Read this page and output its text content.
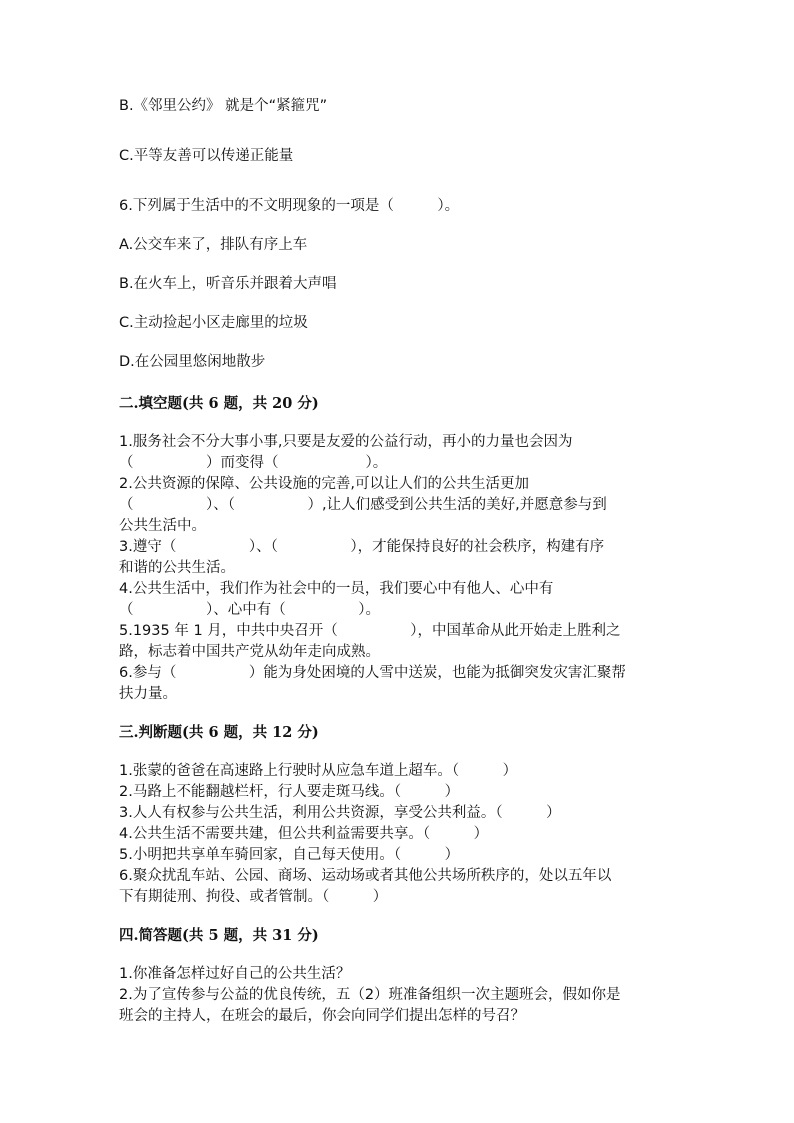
B.《邻里公约》 就是个“紧箍咒”
C.平等友善可以传递正能量
6.下列属于生活中的不文明现象的一项是（　　　）。
A.公交车来了，排队有序上车
B.在火车上，听音乐并跟着大声唱
C.主动捡起小区走廊里的垃圾
D.在公园里悠闲地散步
二.填空题(共 6 题，共 20 分)
1.服务社会不分大事小事,只要是友爱的公益行动，再小的力量也会因为
（　　　　　）而变得（　　　　　　）。
2.公共资源的保障、公共设施的完善,可以让人们的公共生活更加
（　　　　　）、（　　　　　）,让人们感受到公共生活的美好,并愿意参与到
公共生活中。
3.遵守（　　　　　）、（　　　　　），才能保持良好的社会秩序，构建有序
和谐的公共生活。
4.公共生活中，我们作为社会中的一员，我们要心中有他人、心中有
（　　　　　）、心中有（　　　　　）。
5.1935 年 1 月，中共中央召开（　　　　　），中国革命从此开始走上胜利之
路，标志着中国共产党从幼年走向成熟。
6.参与（　　　　　）能为身处困境的人雪中送炭，也能为抵御突发灾害汇聚帮
扶力量。
三.判断题(共 6 题，共 12 分)
1.张蒙的爸爸在高速路上行驶时从应急车道上超车。（　　　）
2.马路上不能翻越栏杆，行人要走斑马线。（　　　）
3.人人有权参与公共生活，利用公共资源，享受公共利益。（　　　）
4.公共生活不需要共建，但公共利益需要共享。（　　　）
5.小明把共享单车骑回家，自己每天使用。（　　　）
6.聚众扰乱车站、公园、商场、运动场或者其他公共场所秩序的，处以五年以
下有期徒刑、拘役、或者管制。（　　　）
四.简答题(共 5 题，共 31 分)
1.你准备怎样过好自己的公共生活？
2.为了宣传参与公益的优良传统，五（2）班准备组织一次主题班会，假如你是
班会的主持人，在班会的最后，你会向同学们提出怎样的号召？
